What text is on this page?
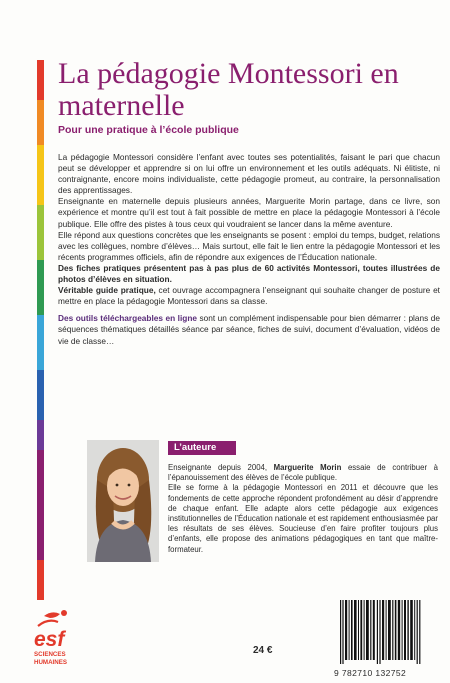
La pédagogie Montessori en maternelle
Pour une pratique à l’école publique

La pédagogie Montessori considère l’enfant avec toutes ses potentialités, faisant le pari que chacun peut se développer et apprendre si on lui offre un environnement et les outils adéquats. Ni élitiste, ni contraignante, encore moins individualiste, cette pédagogie promeut, au contraire, la personnalisation des apprentissages.

Enseignante en maternelle depuis plusieurs années, Marguerite Morin partage, dans ce livre, son expérience et montre qu’il est tout à fait possible de mettre en place la pédagogie Montessori à l’école publique. Elle offre des pistes à tous ceux qui voudraient se lancer dans la même aventure.

Elle répond aux questions concrètes que les enseignants se posent : emploi du temps, budget, relations avec les collègues, nombre d’élèves… Mais surtout, elle fait le lien entre la pédagogie Montessori et les récents programmes officiels, afin de répondre aux exigences de l’Éducation nationale.

Des fiches pratiques présentent pas à pas plus de 60 activités Montessori, toutes illustrées de photos d’élèves en situation.

Véritable guide pratique, cet ouvrage accompagnera l’enseignant qui souhaite changer de posture et mettre en place la pédagogie Montessori dans sa classe.

Des outils téléchargeables en ligne sont un complément indispensable pour bien démarrer : plans de séquences thématiques détaillés séance par séance, fiches de suivi, document d’évaluation, vidéos de vie de classe…

L’auteure

Enseignante depuis 2004, Marguerite Morin essaie de contribuer à l’épanouissement des élèves de l’école publique.

Elle se forme à la pédagogie Montessori en 2011 et découvre que les fondements de cette approche répondent profondément au désir d’apprendre de chaque enfant. Elle adapte alors cette pédagogie aux exigences institutionnelles de l’Éducation nationale et est rapidement enthousiasmée par les résultats de ses élèves. Soucieuse d’en faire profiter toujours plus d’enfants, elle propose des animations pédagogiques en tant que maître-formateur.

esf
SCIENCES
HUMAINES
24 €
9 782710 132752
